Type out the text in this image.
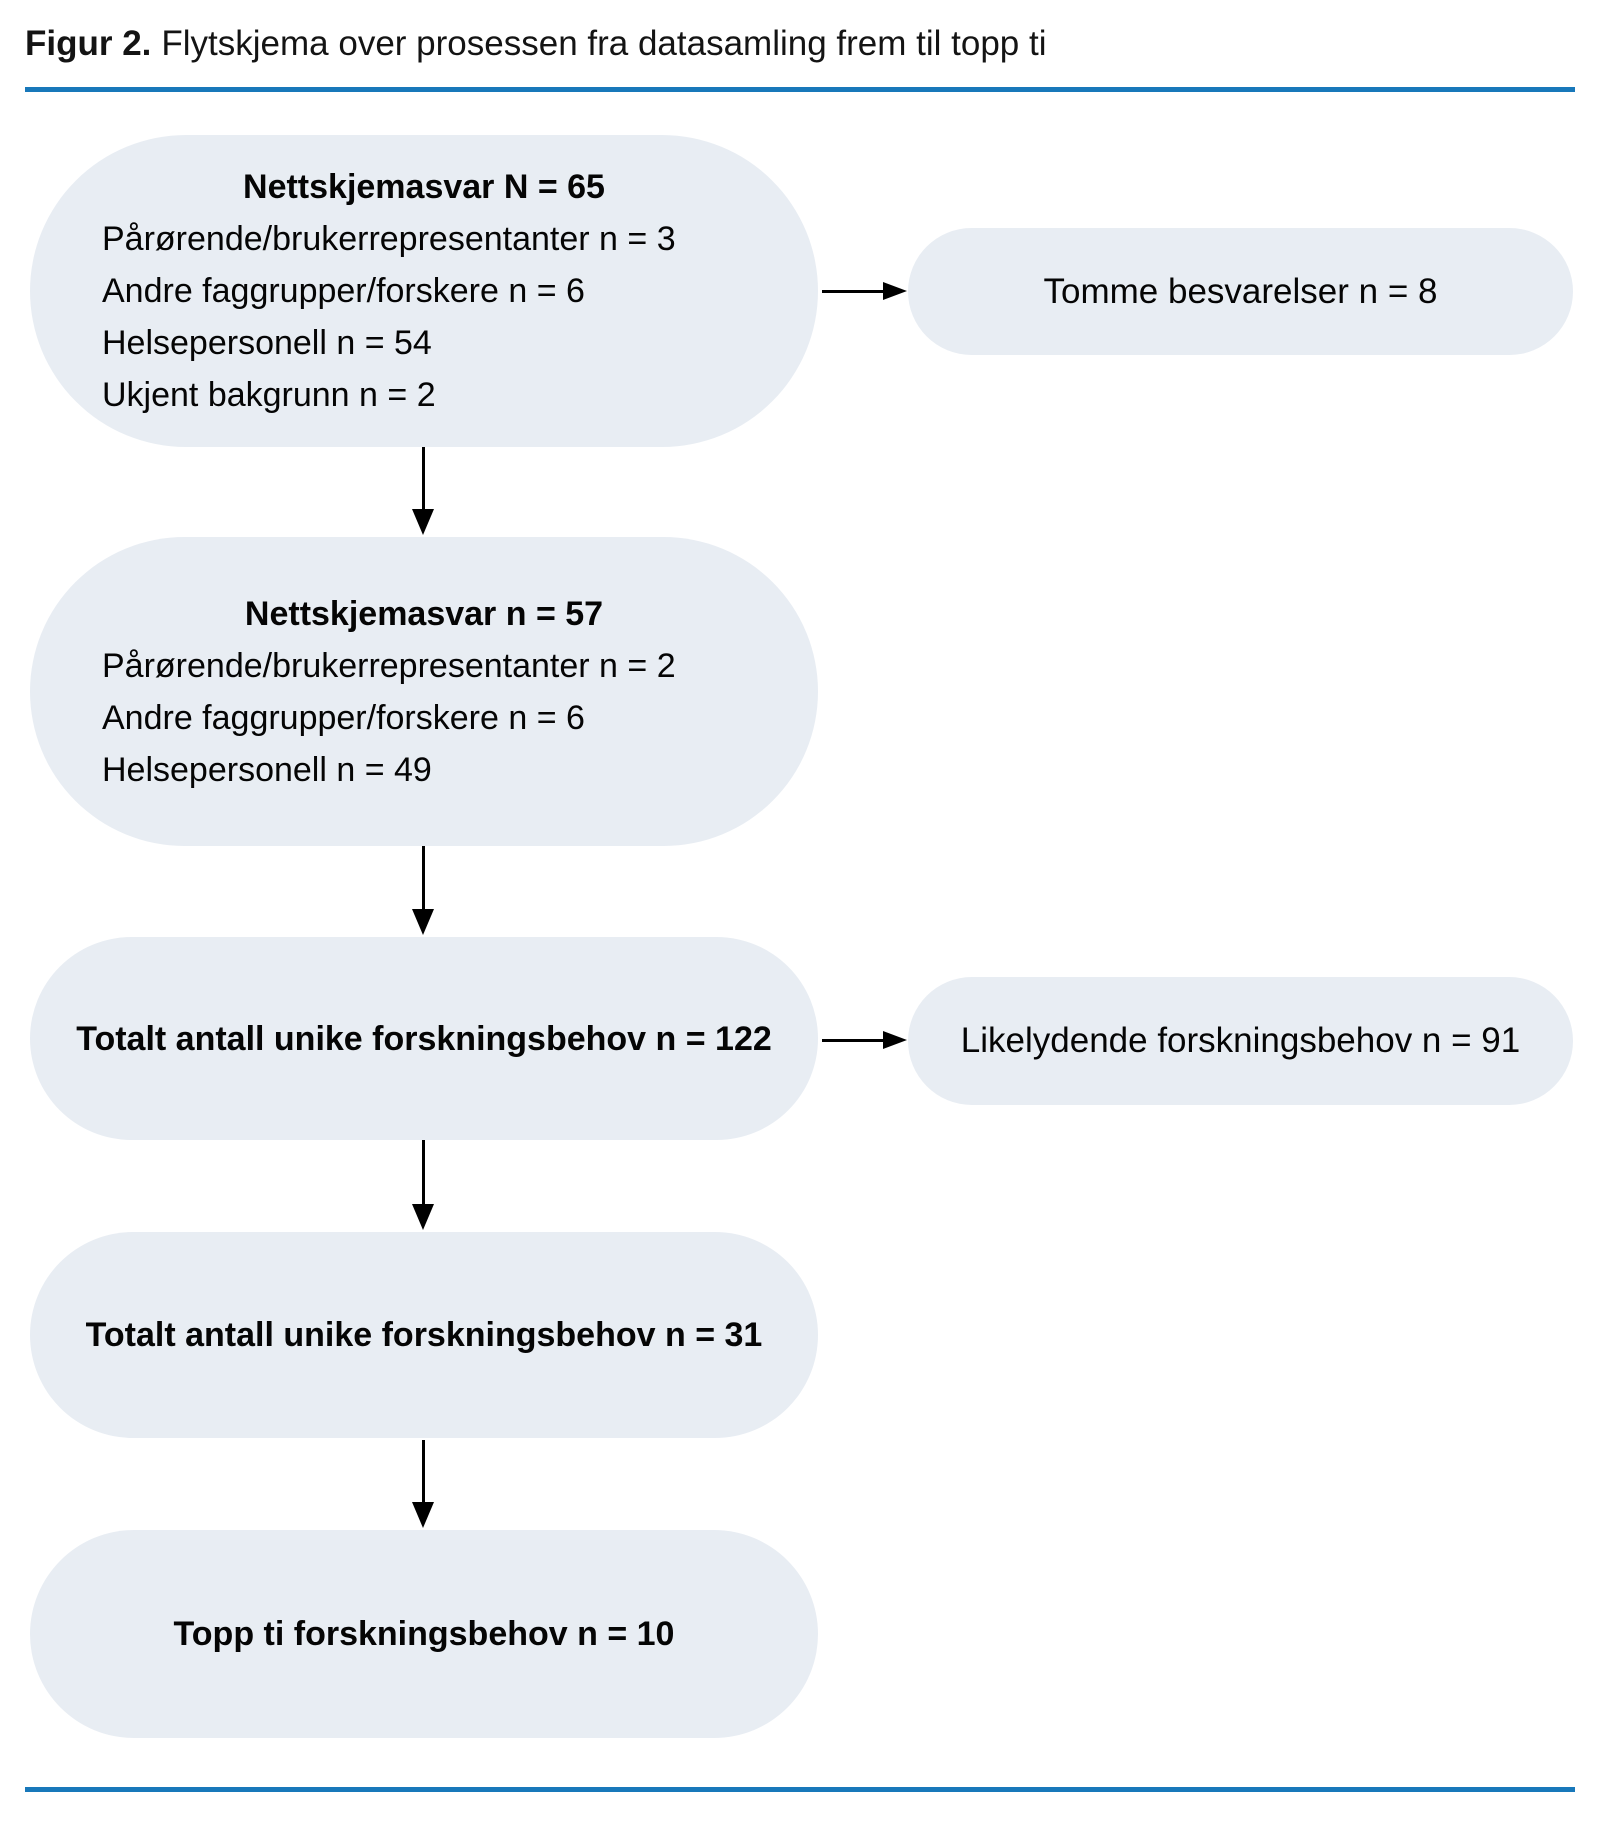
Figur 2. Flytskjema over prosessen fra datasamling frem til topp ti
Nettskjemasvar N = 65
Pårørende/brukerrepresentanter n = 3
Andre faggrupper/forskere n = 6
Helsepersonell n = 54
Ukjent bakgrunn n = 2
Nettskjemasvar n = 57
Pårørende/brukerrepresentanter n = 2
Andre faggrupper/forskere n = 6
Helsepersonell n = 49
Totalt antall unike forskningsbehov n = 122
Totalt antall unike forskningsbehov n = 31
Topp ti forskningsbehov n = 10
Tomme besvarelser n = 8
Likelydende forskningsbehov n = 91
